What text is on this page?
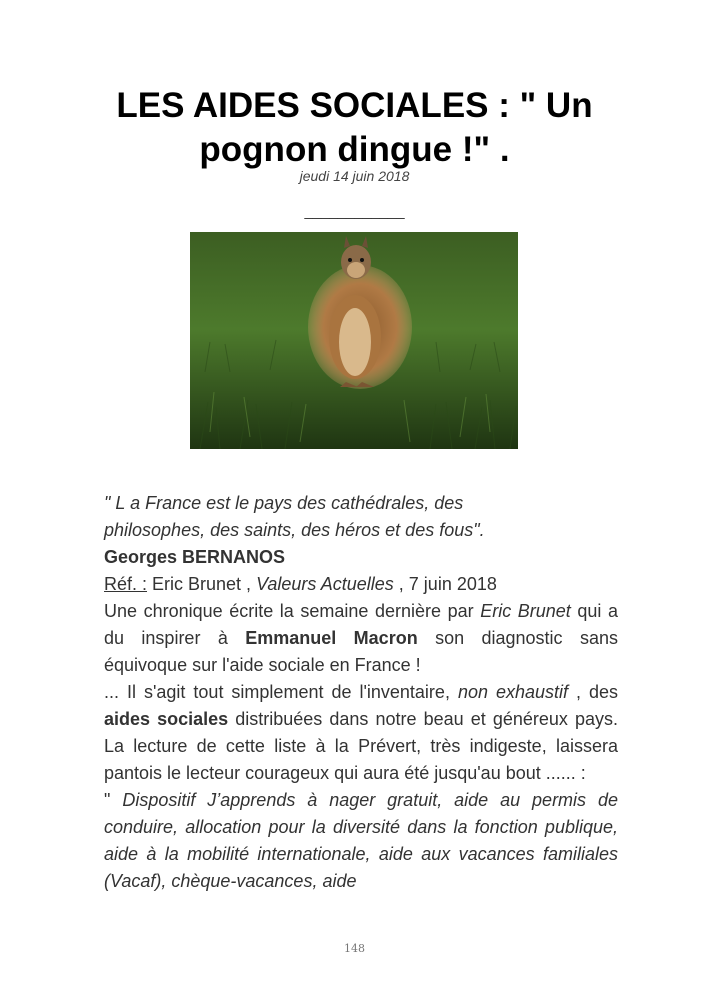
LES AIDES SOCIALES : " Un pognon dingue !" .
jeudi 14 juin 2018
____________

" L a France est le pays des cathédrales, des

philosophes, des saints, des héros et des fous".

Georges BERNANOS

Réf. : Eric Brunet , Valeurs Actuelles , 7 juin 2018

Une chronique écrite la semaine dernière par Eric Brunet qui a du inspirer à Emmanuel Macron son diagnostic sans équivoque sur l'aide sociale en France !

... Il s'agit tout simplement de l'inventaire, non exhaustif , des aides sociales distribuées dans notre beau et généreux pays. La lecture de cette liste à la Prévert, très indigeste, laissera pantois le lecteur courageux qui aura été jusqu'au bout ...... :

" Dispositif J’apprends à nager gratuit, aide au permis de conduire, allocation pour la diversité dans la fonction publique, aide à la mobilité internationale, aide aux vacances familiales (Vacaf), chèque-vacances, aide

148
